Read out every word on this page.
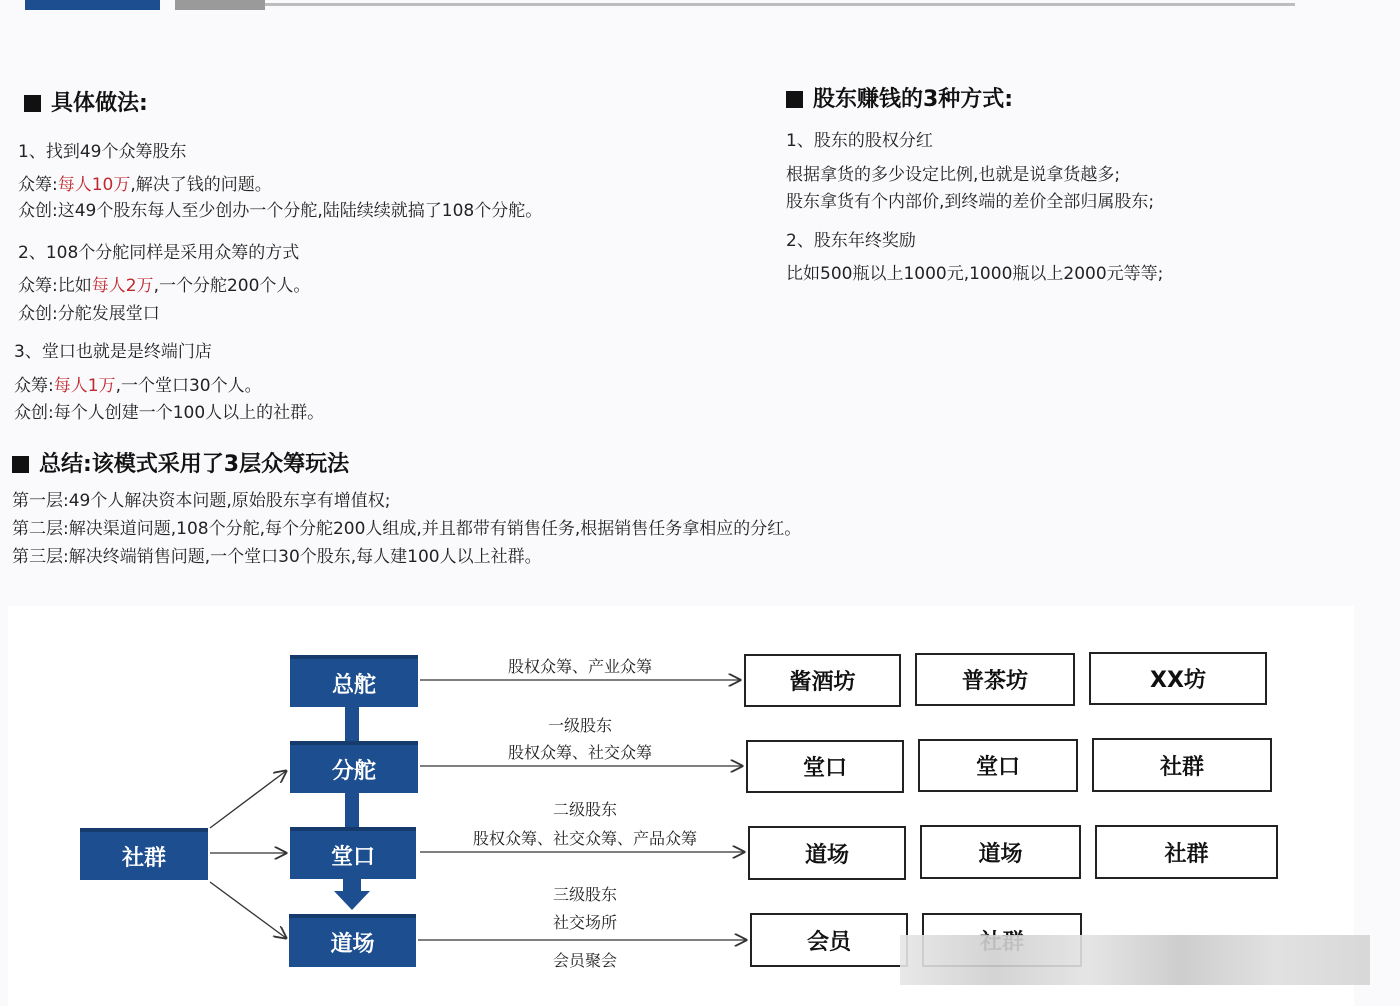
具体做法:
1、找到49个众筹股东
众筹:每人10万,解决了钱的问题。
众创:这49个股东每人至少创办一个分舵,陆陆续续就搞了108个分舵。
2、108个分舵同样是采用众筹的方式
众筹:比如每人2万,一个分舵200个人。
众创:分舵发展堂口
3、堂口也就是是终端门店
众筹:每人1万,一个堂口30个人。
众创:每个人创建一个100人以上的社群。
股东赚钱的3种方式:
1、股东的股权分红
根据拿货的多少设定比例,也就是说拿货越多;
股东拿货有个内部价,到终端的差价全部归属股东;
2、股东年终奖励
比如500瓶以上1000元,1000瓶以上2000元等等;
总结:该模式采用了3层众筹玩法
第一层:49个人解决资本问题,原始股东享有增值权;
第二层:解决渠道问题,108个分舵,每个分舵200人组成,并且都带有销售任务,根据销售任务拿相应的分红。
第三层:解决终端销售问题,一个堂口30个股东,每人建100人以上社群。
总舵
分舵
堂口
道场
社群
股权众筹、产业众筹
一级股东
股权众筹、社交众筹
二级股东
股权众筹、社交众筹、产品众筹
三级股东
社交场所
会员聚会
酱酒坊	普茶坊	XX坊
堂口	堂口	社群
道场	道场	社群
会员
